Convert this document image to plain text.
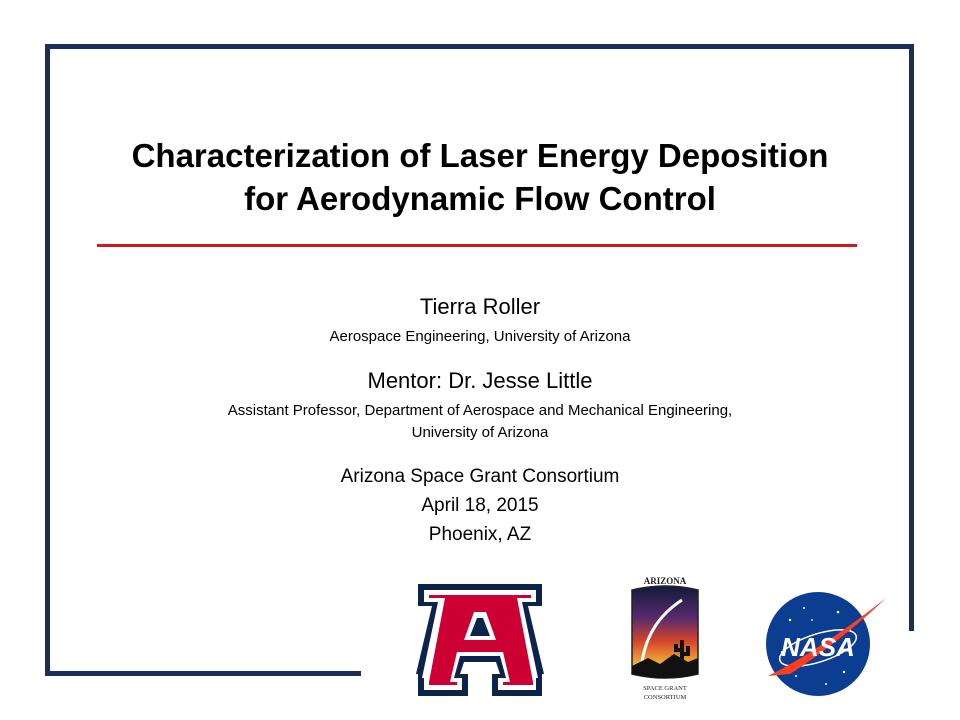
Characterization of Laser Energy Deposition
for Aerodynamic Flow Control
Tierra Roller
Aerospace Engineering, University of Arizona
Mentor: Dr. Jesse Little
Assistant Professor, Department of Aerospace and Mechanical Engineering,
University of Arizona
Arizona Space Grant Consortium
April 18, 2015
Phoenix, AZ
ARIZONA
SPACE GRANT
CONSORTIUM
NASA
